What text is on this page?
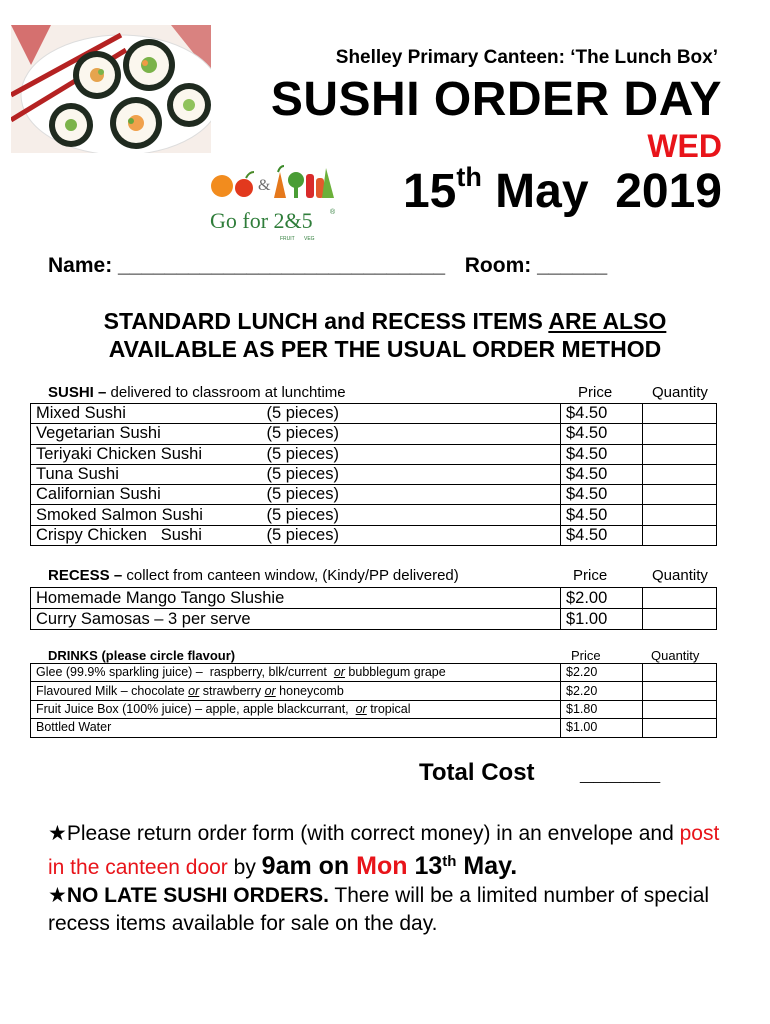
Shelley Primary Canteen: ‘The Lunch Box’
SUSHI ORDER DAY
WED
15th May  2019
&
Go for 2&5 ®
FRUIT VEG
Name: ____________________________ Room: ______
STANDARD LUNCH and RECESS ITEMS ARE ALSO
AVAILABLE AS PER THE USUAL ORDER METHOD
SUSHI – delivered to classroom at lunchtime	Price	Quantity
Mixed Sushi	(5 pieces)	$4.50	
Vegetarian Sushi	(5 pieces)	$4.50	
Teriyaki Chicken Sushi	(5 pieces)	$4.50	
Tuna Sushi	(5 pieces)	$4.50	
Californian Sushi	(5 pieces)	$4.50	
Smoked Salmon Sushi	(5 pieces)	$4.50	
Crispy Chicken   Sushi	(5 pieces)	$4.50	
RECESS – collect from canteen window, (Kindy/PP delivered)	Price	Quantity
Homemade Mango Tango Slushie	$2.00	
Curry Samosas – 3 per serve	$1.00	
DRINKS (please circle flavour)	Price	Quantity
Glee (99.9% sparkling juice) –  raspberry, blk/current  or bubblegum grape	$2.20	
Flavoured Milk – chocolate or strawberry or honeycomb	$2.20	
Fruit Juice Box (100% juice) – apple, apple blackcurrant,  or tropical	$1.80	
Bottled Water	$1.00	
Total Cost ______
★Please return order form (with correct money) in an envelope and post in the canteen door by 9am on Mon 13th May.
★NO LATE SUSHI ORDERS. There will be a limited number of special recess items available for sale on the day.
